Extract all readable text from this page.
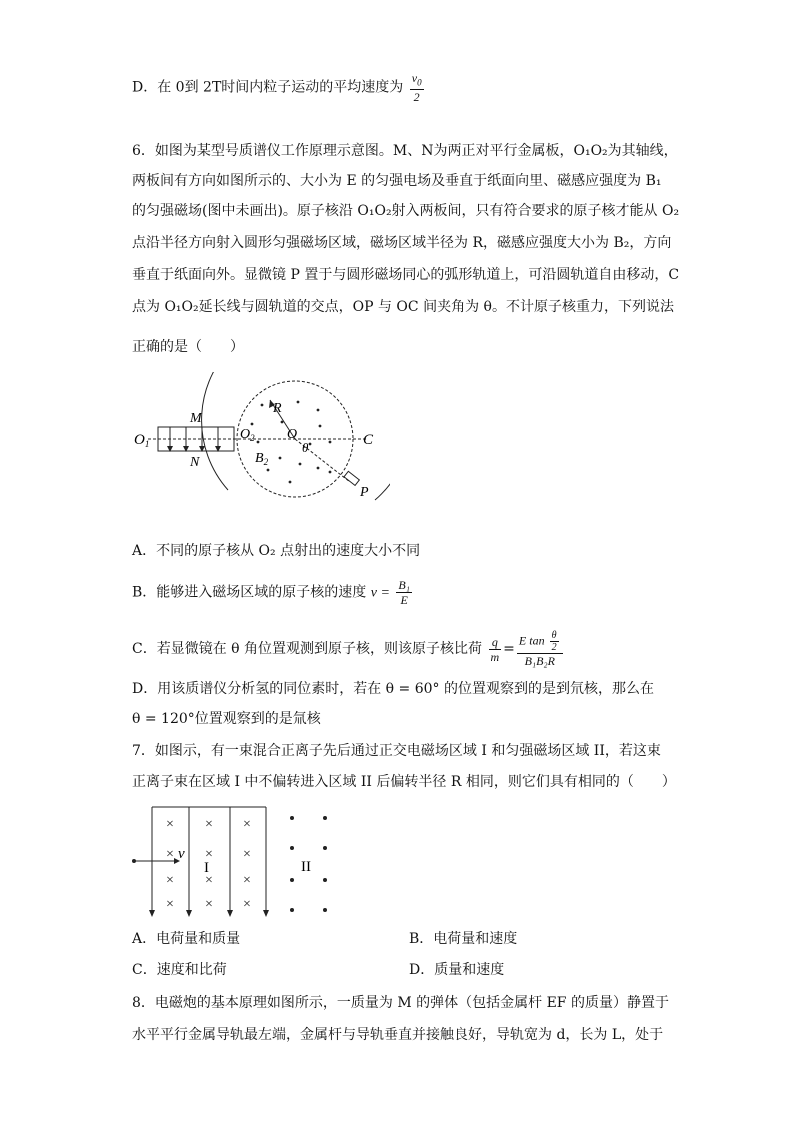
D．在 0到 2T时间内粒子运动的平均速度为 $\frac{v_0}{2}$
6．如图为某型号质谱仪工作原理示意图。M、N为两正对平行金属板，O₁O₂为其轴线，
两板间有方向如图所示的、大小为 E 的匀强电场及垂直于纸面向里、磁感应强度为 B₁
的匀强磁场(图中未画出)。原子核沿 O₁O₂射入两板间，只有符合要求的原子核才能从 O₂
点沿半径方向射入圆形匀强磁场区域，磁场区域半径为 R，磁感应强度大小为 B₂，方向
垂直于纸面向外。显微镜 P 置于与圆形磁场同心的弧形轨道上，可沿圆轨道自由移动，C
点为 O₁O₂延长线与圆轨道的交点，OP 与 OC 间夹角为 θ。不计原子核重力，下列说法
正确的是（　　）
$O_1$
M
N
$O_2$ O
R
θ
$B_2$
C
P
A．不同的原子核从 O₂ 点射出的速度大小不同
B．能够进入磁场区域的原子核的速度 $v = \frac{\text{B₁}}{E}$
C．若显微镜在 θ 角位置观测到原子核，则该原子核比荷 $\frac{q}{m} = \frac{E \tan \frac{\theta}{2}}{\text{B₁B₂R}}$
D．用该质谱仪分析氢的同位素时，若在 θ = 60° 的位置观察到的是到氘核，那么在
θ = 120°位置观察到的是氚核
7．如图示，有一束混合正离子先后通过正交电磁场区域 I 和匀强磁场区域 II，若这束
正离子束在区域 I 中不偏转进入区域 II 后偏转半径 R 相同，则它们具有相同的（　　）
v
× × ×
× × ×
× × ×
× × ×
I	II
A．电荷量和质量	B．电荷量和速度
C．速度和比荷	D．质量和速度
8．电磁炮的基本原理如图所示，一质量为 M 的弹体（包括金属杆 EF 的质量）静置于
水平平行金属导轨最左端，金属杆与导轨垂直并接触良好，导轨宽为 d，长为 L，处于
